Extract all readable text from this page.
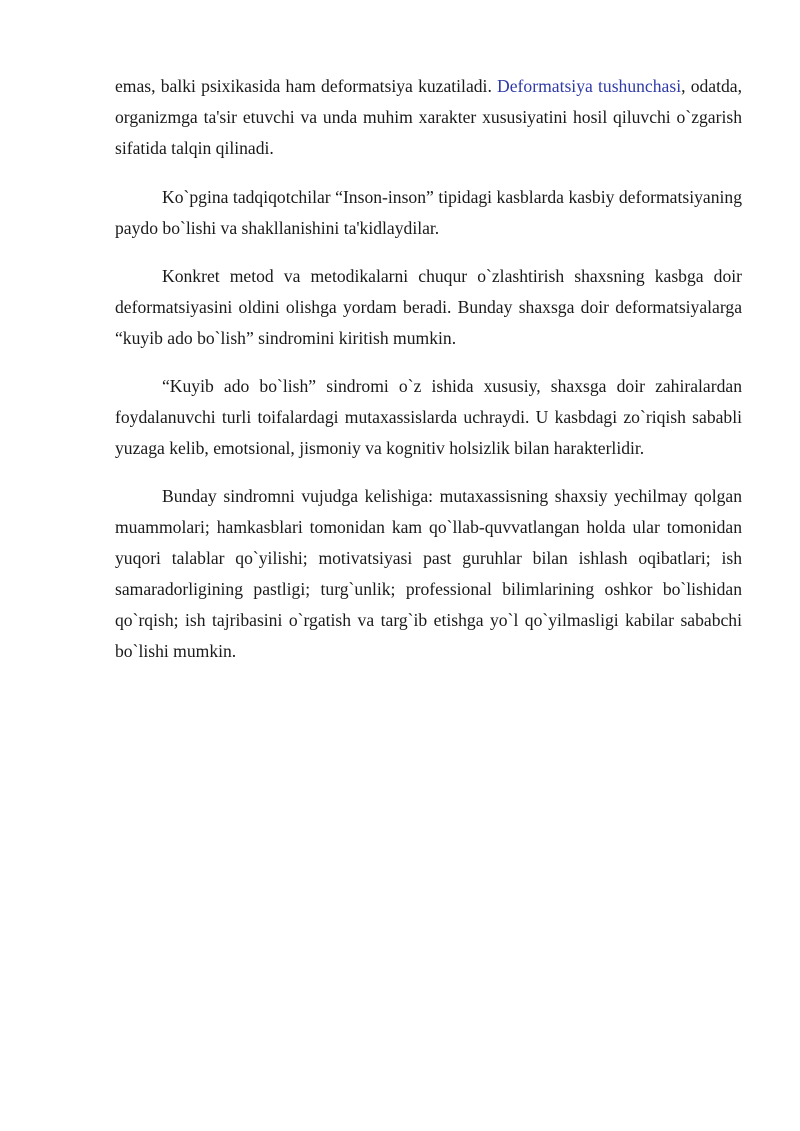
emas, balki psixikasida ham deformatsiya kuzatiladi. Deformatsiya tushunchasi, odatda, organizmga ta'sir etuvchi va unda muhim xarakter xususiyatini hosil qiluvchi o`zgarish sifatida talqin qilinadi.

Ko`pgina tadqiqotchilar “Inson-inson” tipidagi kasblarda kasbiy deformatsiyaning paydo bo`lishi va shakllanishini ta'kidlaydilar.

Konkret metod va metodikalarni chuqur o`zlashtirish shaxsning kasbga doir deformatsiyasini oldini olishga yordam beradi. Bunday shaxsga doir deformatsiyalarga “kuyib ado bo`lish” sindromini kiritish mumkin.

“Kuyib ado bo`lish” sindromi o`z ishida xususiy, shaxsga doir zahiralardan foydalanuvchi turli toifalardagi mutaxassislarda uchraydi. U kasbdagi zo`riqish sababli yuzaga kelib, emotsional, jismoniy va kognitiv holsizlik bilan harakterlidir.

Bunday sindromni vujudga kelishiga: mutaxassisning shaxsiy yechilmay qolgan muammolari; hamkasblari tomonidan kam qo`llab-quvvatlangan holda ular tomonidan yuqori talablar qo`yilishi; motivatsiyasi past guruhlar bilan ishlash oqibatlari; ish samaradorligining pastligi; turg`unlik; professional bilimlarining oshkor bo`lishidan qo`rqish; ish tajribasini o`rgatish va targ`ib etishga yo`l qo`yilmasligi kabilar sababchi bo`lishi mumkin.
